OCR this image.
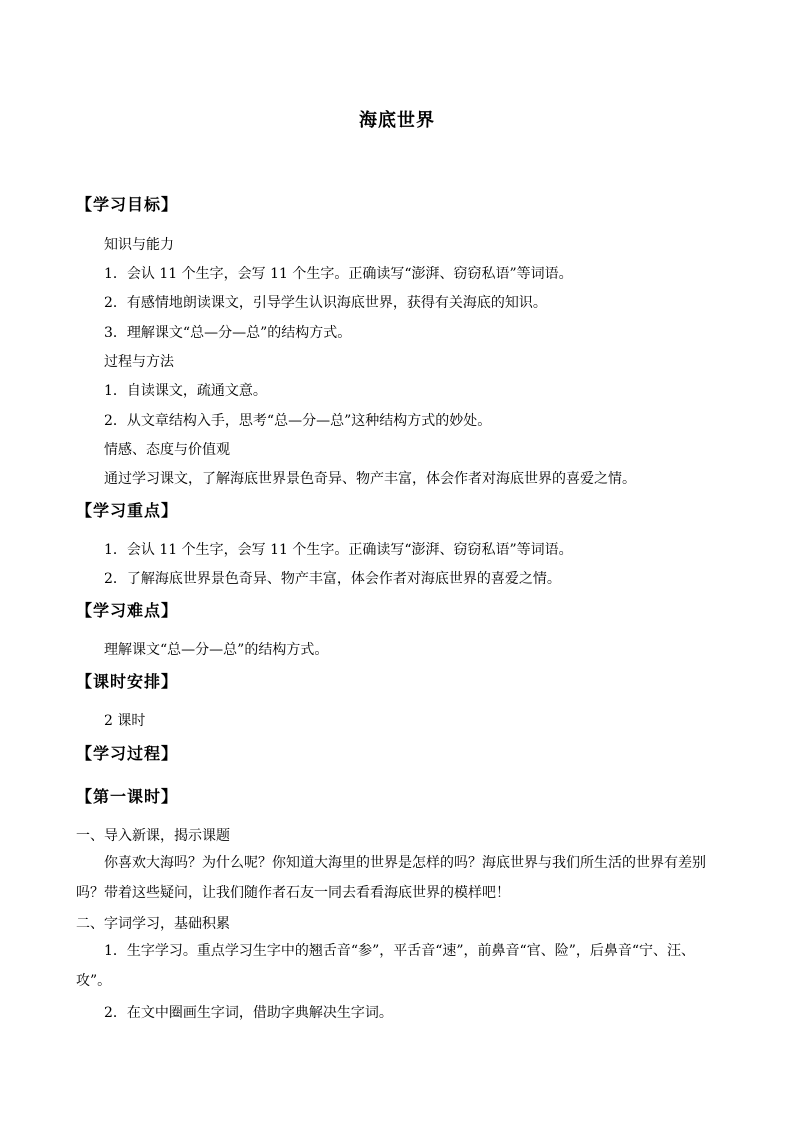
海底世界
【学习目标】
知识与能力
1．会认 11 个生字，会写 11 个生字。正确读写“澎湃、窃窃私语”等词语。
2．有感情地朗读课文，引导学生认识海底世界，获得有关海底的知识。
3．理解课文“总—分—总”的结构方式。
过程与方法
1．自读课文，疏通文意。
2．从文章结构入手，思考“总—分—总”这种结构方式的妙处。
情感、态度与价值观
通过学习课文，了解海底世界景色奇异、物产丰富，体会作者对海底世界的喜爱之情。
【学习重点】
1．会认 11 个生字，会写 11 个生字。正确读写“澎湃、窃窃私语”等词语。
2．了解海底世界景色奇异、物产丰富，体会作者对海底世界的喜爱之情。
【学习难点】
理解课文“总—分—总”的结构方式。
【课时安排】
2 课时
【学习过程】
【第一课时】
一、导入新课，揭示课题
你喜欢大海吗？为什么呢？你知道大海里的世界是怎样的吗？海底世界与我们所生活的世界有差别吗？带着这些疑问，让我们随作者石友一同去看看海底世界的模样吧！
二、字词学习，基础积累
1．生字学习。重点学习生字中的翘舌音“参”，平舌音“速”，前鼻音“官、险”，后鼻音“宁、汪、攻”。
2．在文中圈画生字词，借助字典解决生字词。
